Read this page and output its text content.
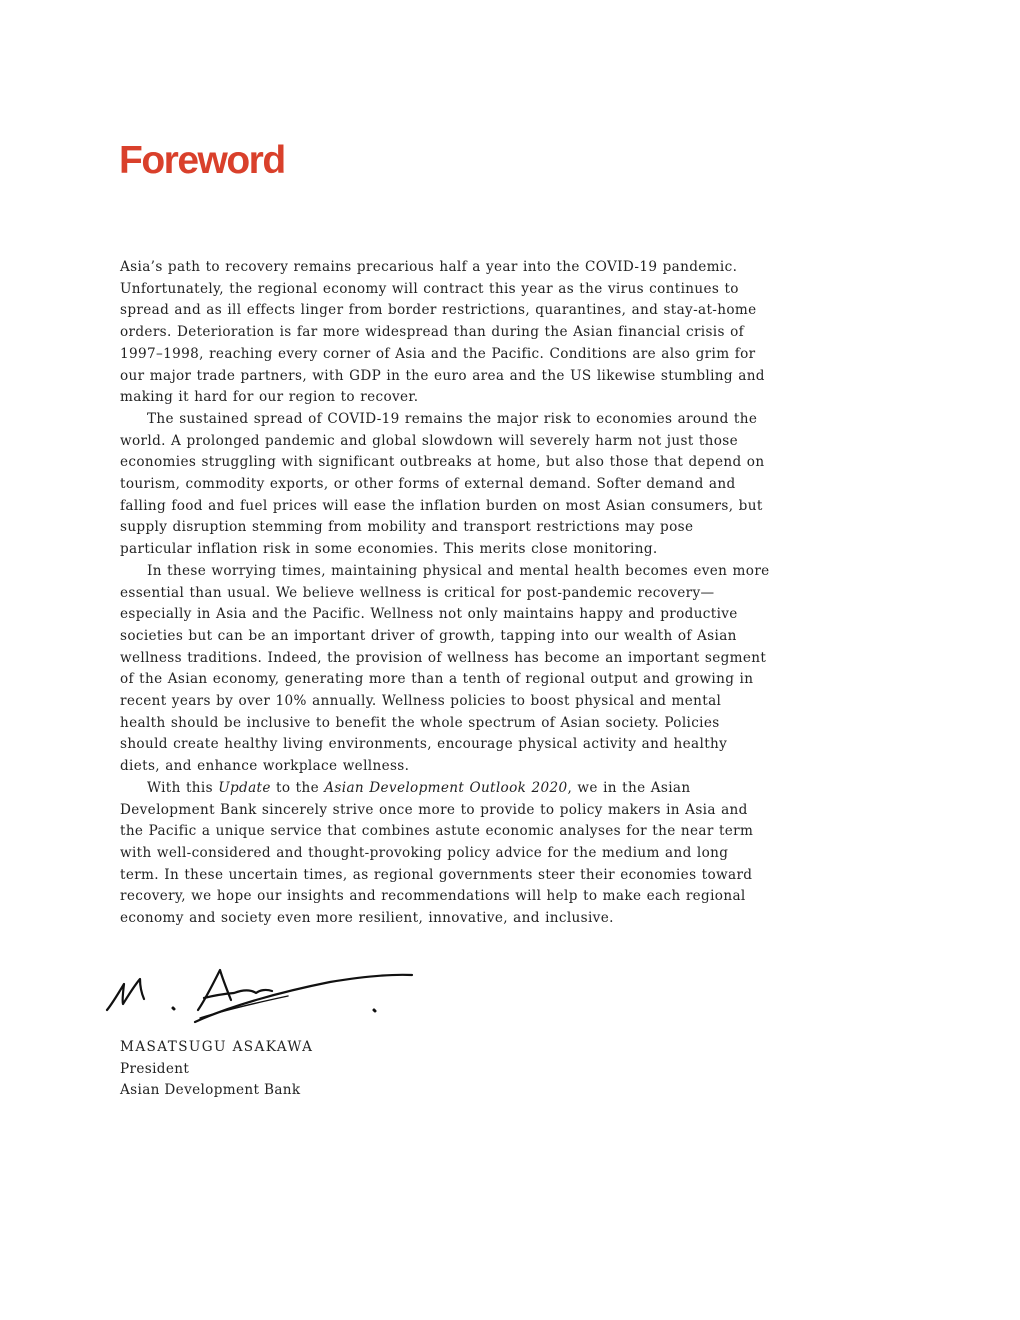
Foreword

Asia’s path to recovery remains precarious half a year into the COVID-19 pandemic. Unfortunately, the regional economy will contract this year as the virus continues to spread and as ill effects linger from border restrictions, quarantines, and stay-at-home orders. Deterioration is far more widespread than during the Asian financial crisis of 1997–1998, reaching every corner of Asia and the Pacific. Conditions are also grim for our major trade partners, with GDP in the euro area and the US likewise stumbling and making it hard for our region to recover.

The sustained spread of COVID-19 remains the major risk to economies around the world. A prolonged pandemic and global slowdown will severely harm not just those economies struggling with significant outbreaks at home, but also those that depend on tourism, commodity exports, or other forms of external demand. Softer demand and falling food and fuel prices will ease the inflation burden on most Asian consumers, but supply disruption stemming from mobility and transport restrictions may pose particular inflation risk in some economies. This merits close monitoring.

In these worrying times, maintaining physical and mental health becomes even more essential than usual. We believe wellness is critical for post-pandemic recovery—especially in Asia and the Pacific. Wellness not only maintains happy and productive societies but can be an important driver of growth, tapping into our wealth of Asian wellness traditions. Indeed, the provision of wellness has become an important segment of the Asian economy, generating more than a tenth of regional output and growing in recent years by over 10% annually. Wellness policies to boost physical and mental health should be inclusive to benefit the whole spectrum of Asian society. Policies should create healthy living environments, encourage physical activity and healthy diets, and enhance workplace wellness.

With this Update to the Asian Development Outlook 2020, we in the Asian Development Bank sincerely strive once more to provide to policy makers in Asia and the Pacific a unique service that combines astute economic analyses for the near term with well-considered and thought-provoking policy advice for the medium and long term. In these uncertain times, as regional governments steer their economies toward recovery, we hope our insights and recommendations will help to make each regional economy and society even more resilient, innovative, and inclusive.

MASATSUGU ASAKAWA
President
Asian Development Bank
